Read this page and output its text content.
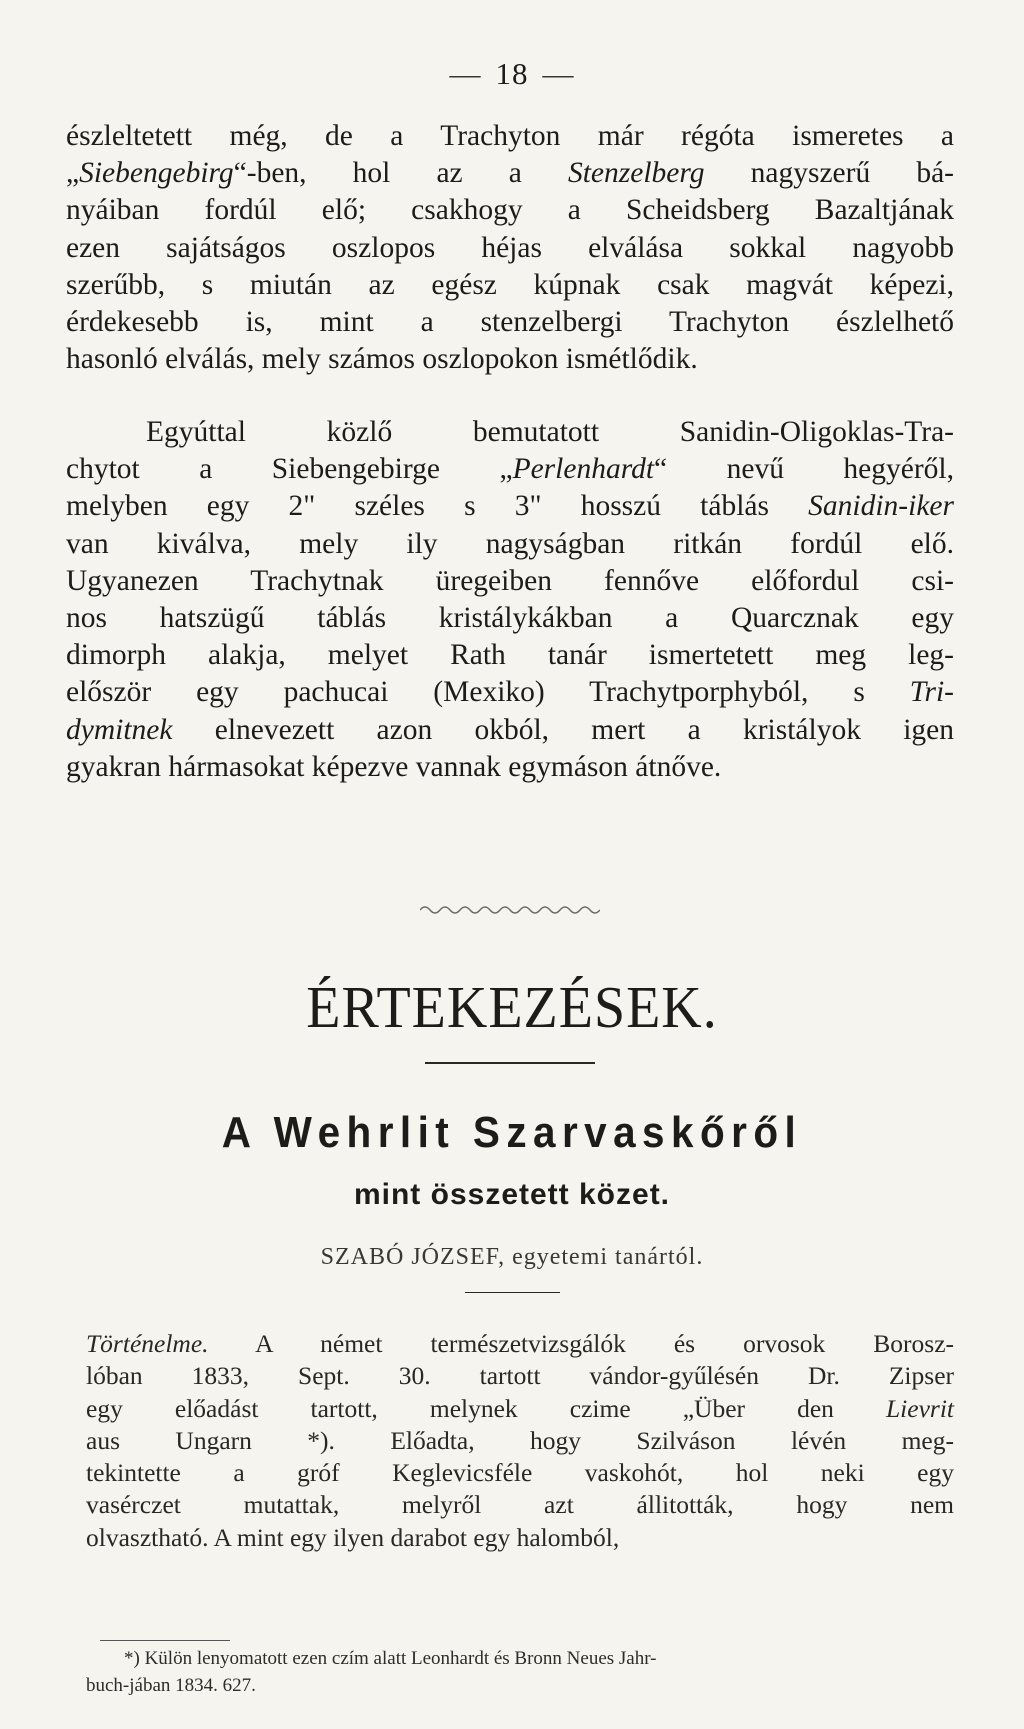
— 18 —

észleltetett még, de a Trachyton már régóta ismeretes a
„Siebengebirg“-ben, hol az a Stenzelberg nagyszerű bá-
nyáiban fordúl elő; csakhogy a Scheidsberg Bazaltjának
ezen sajátságos oszlopos héjas elválása sokkal nagyobb
szerűbb, s miután az egész kúpnak csak magvát képezi,
érdekesebb is, mint a stenzelbergi Trachyton észlelhető
hasonló elválás, mely számos oszlopokon ismétlődik.

Egyúttal közlő bemutatott Sanidin-Oligoklas-Tra-
chytot a Siebengebirge „Perlenhardt“ nevű hegyéről,
melyben egy 2" széles s 3" hosszú táblás Sanidin-iker
van kiválva, mely ily nagyságban ritkán fordúl elő.
Ugyanezen Trachytnak üregeiben fennőve előfordul csi-
nos hatszügű táblás kristálykákban a Quarcznak egy
dimorph alakja, melyet Rath tanár ismertetett meg leg-
először egy pachucai (Mexiko) Trachytporphyból, s Tri-
dymitnek elnevezett azon okból, mert a kristályok igen
gyakran hármasokat képezve vannak egymáson átnőve.

ÉRTEKEZÉSEK.
A Wehrlit Szarvaskőről
mint összetett közet.
SZABÓ JÓZSEF, egyetemi tanártól.

Történelme. A német természetvizsgálók és orvosok Borosz-
lóban 1833, Sept. 30. tartott vándor-gyűlésén Dr. Zipser
egy előadást tartott, melynek czime „Über den Lievrit
aus Ungarn *). Előadta, hogy Szilváson lévén meg-
tekintette a gróf Keglevicsféle vaskohót, hol neki egy
vasérczet mutattak, melyről azt állitották, hogy nem
olvasztható. A mint egy ilyen darabot egy halomból,

*) Külön lenyomatott ezen czím alatt Leonhardt és Bronn Neues Jahr-
buch-jában 1834. 627.
